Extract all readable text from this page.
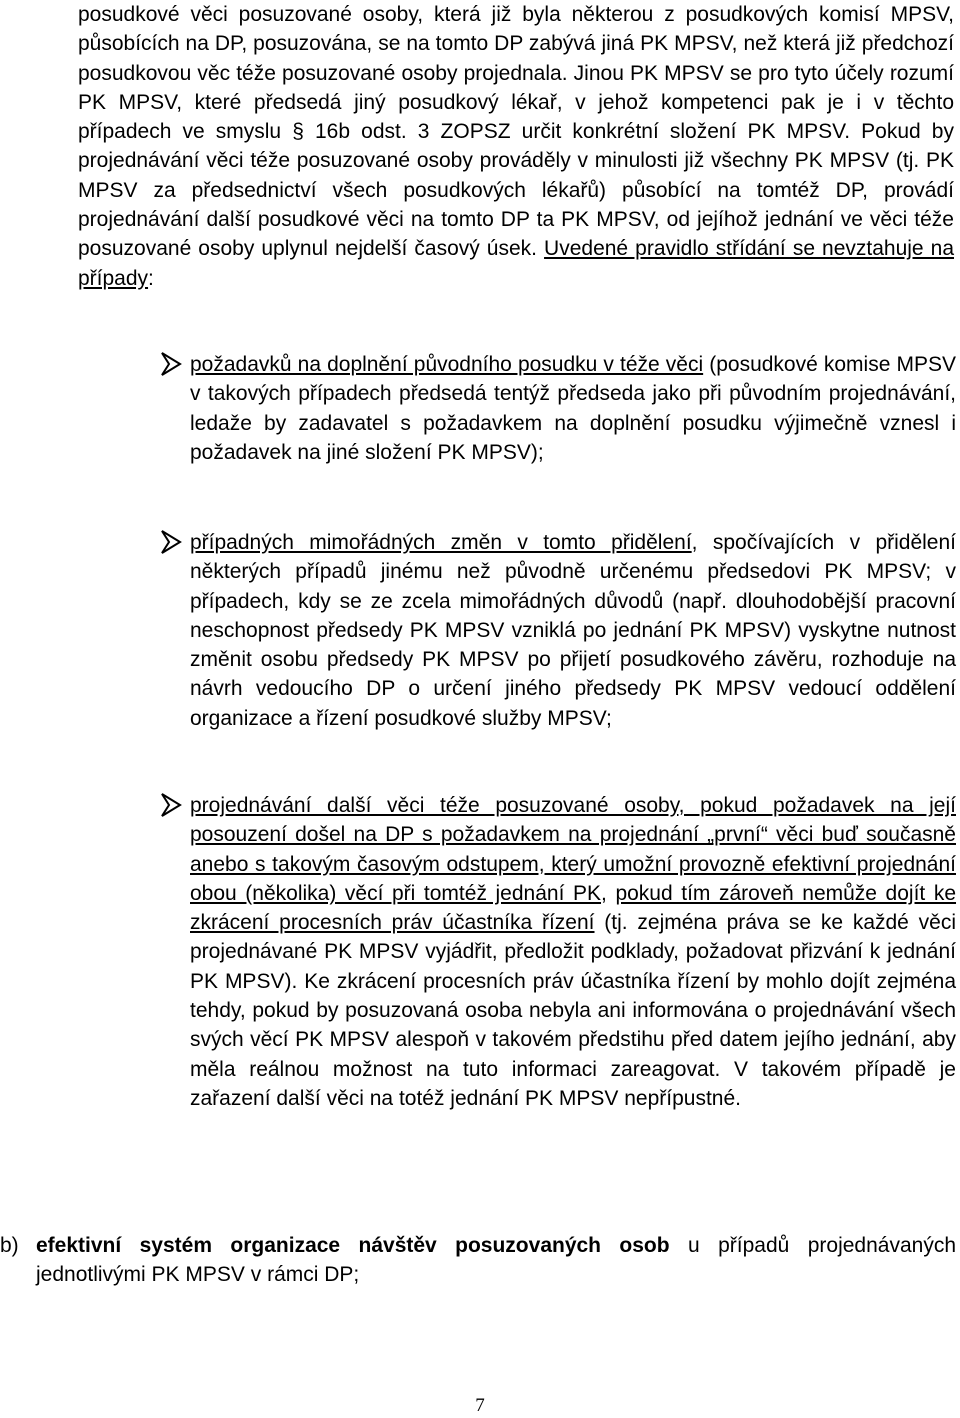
posudkové věci posuzované osoby, která již byla některou z posudkových komisí MPSV, působících na DP, posuzována, se na tomto DP zabývá jiná PK MPSV, než která již předchozí posudkovou věc téže posuzované osoby projednala. Jinou PK MPSV se pro tyto účely rozumí PK MPSV, které předsedá jiný posudkový lékař, v jehož kompetenci pak je i v těchto případech ve smyslu § 16b odst. 3 ZOPSZ určit konkrétní složení PK MPSV. Pokud by projednávání věci téže posuzované osoby prováděly v minulosti již všechny PK MPSV (tj. PK MPSV za předsednictví všech posudkových lékařů) působící na tomtéž DP, provádí projednávání další posudkové věci na tomto DP ta PK MPSV, od jejíhož jednání ve věci téže posuzované osoby uplynul nejdelší časový úsek. Uvedené pravidlo střídání se nevztahuje na případy:

požadavků na doplnění původního posudku v téže věci (posudkové komise MPSV v takových případech předsedá tentýž předseda jako při původním projednávání, ledaže by zadavatel s požadavkem na doplnění posudku výjimečně vznesl i požadavek na jiné složení PK MPSV);

případných mimořádných změn v tomto přidělení, spočívajících v přidělení některých případů jinému než původně určenému předsedovi PK MPSV; v případech, kdy se ze zcela mimořádných důvodů (např. dlouhodobější pracovní neschopnost předsedy PK MPSV vzniklá po jednání PK MPSV) vyskytne nutnost změnit osobu předsedy PK MPSV po přijetí posudkového závěru, rozhoduje na návrh vedoucího DP o určení jiného předsedy PK MPSV vedoucí oddělení organizace a řízení posudkové služby MPSV;

projednávání další věci téže posuzované osoby, pokud požadavek na její posouzení došel na DP s požadavkem na projednání „první“ věci buď současně anebo s takovým časovým odstupem, který umožní provozně efektivní projednání obou (několika) věcí při tomtéž jednání PK, pokud tím zároveň nemůže dojít ke zkrácení procesních práv účastníka řízení (tj. zejména práva se ke každé věci projednávané PK MPSV vyjádřit, předložit podklady, požadovat přizvání k jednání PK MPSV). Ke zkrácení procesních práv účastníka řízení by mohlo dojít zejména tehdy, pokud by posuzovaná osoba nebyla ani informována o projednávání všech svých věcí PK MPSV alespoň v takovém předstihu před datem jejího jednání, aby měla reálnou možnost na tuto informaci zareagovat. V takovém případě je zařazení další věci na totéž jednání PK MPSV nepřípustné.

b) efektivní systém organizace návštěv posuzovaných osob u případů projednávaných jednotlivými PK MPSV v rámci DP;

7
